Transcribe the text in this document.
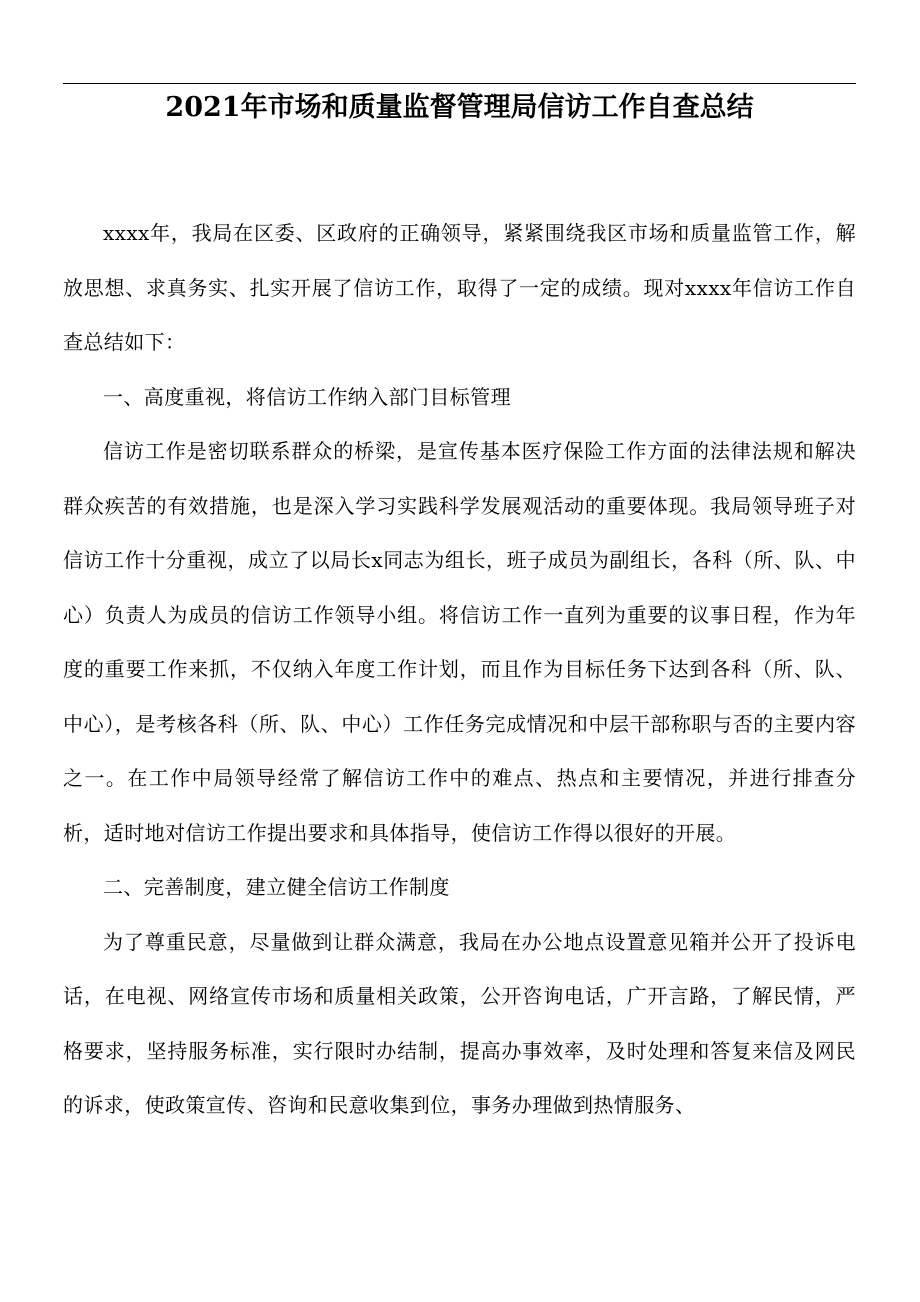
2021年市场和质量监督管理局信访工作自查总结

xxxx年，我局在区委、区政府的正确领导，紧紧围绕我区市场和质量监管工作，解放思想、求真务实、扎实开展了信访工作，取得了一定的成绩。现对xxxx年信访工作自查总结如下：

一、高度重视，将信访工作纳入部门目标管理

信访工作是密切联系群众的桥梁，是宣传基本医疗保险工作方面的法律法规和解决群众疾苦的有效措施，也是深入学习实践科学发展观活动的重要体现。我局领导班子对信访工作十分重视，成立了以局长x同志为组长，班子成员为副组长，各科（所、队、中心）负责人为成员的信访工作领导小组。将信访工作一直列为重要的议事日程，作为年度的重要工作来抓，不仅纳入年度工作计划，而且作为目标任务下达到各科（所、队、中心），是考核各科（所、队、中心）工作任务完成情况和中层干部称职与否的主要内容之一。在工作中局领导经常了解信访工作中的难点、热点和主要情况，并进行排查分析，适时地对信访工作提出要求和具体指导，使信访工作得以很好的开展。

二、完善制度，建立健全信访工作制度

为了尊重民意，尽量做到让群众满意，我局在办公地点设置意见箱并公开了投诉电话，在电视、网络宣传市场和质量相关政策，公开咨询电话，广开言路，了解民情，严格要求，坚持服务标准，实行限时办结制，提高办事效率，及时处理和答复来信及网民的诉求，使政策宣传、咨询和民意收集到位，事务办理做到热情服务、
